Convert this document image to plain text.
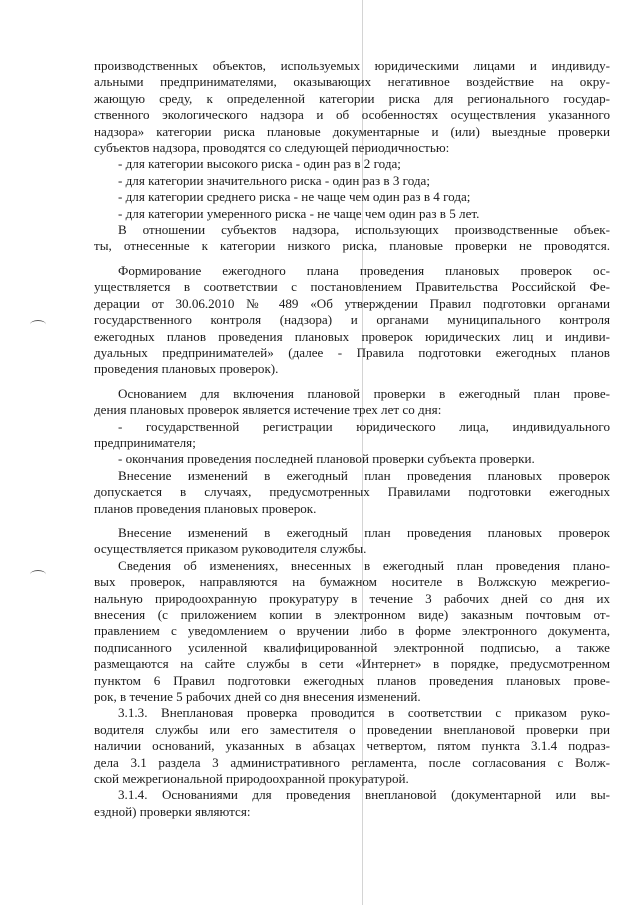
производственных объектов, используемых юридическими лицами и индивиду-
альными предпринимателями, оказывающих негативное воздействие на окру-
жающую среду, к определенной категории риска для регионального государ-
ственного экологического надзора и об особенностях осуществления указанного
надзора» категории риска плановые документарные и (или) выездные проверки
субъектов надзора, проводятся со следующей периодичностью:
- для категории высокого риска - один раз в 2 года;
- для категории значительного риска - один раз в 3 года;
- для категории среднего риска - не чаще чем один раз в 4 года;
- для категории умеренного риска - не чаще чем один раз в 5 лет.
В отношении субъектов надзора, использующих производственные объек-
ты, отнесенные к категории низкого риска, плановые проверки не проводятся.
Формирование ежегодного плана проведения плановых проверок ос-
уществляется в соответствии с постановлением Правительства Российской Фе-
дерации от 30.06.2010 № 489 «Об утверждении Правил подготовки органами
государственного контроля (надзора) и органами муниципального контроля
ежегодных планов проведения плановых проверок юридических лиц и индиви-
дуальных предпринимателей» (далее - Правила подготовки ежегодных планов
проведения плановых проверок).
Основанием для включения плановой проверки в ежегодный план прове-
дения плановых проверок является истечение трех лет со дня:
- государственной регистрации юридического лица, индивидуального
предпринимателя;
- окончания проведения последней плановой проверки субъекта проверки.
Внесение изменений в ежегодный план проведения плановых проверок
допускается в случаях, предусмотренных Правилами подготовки ежегодных
планов проведения плановых проверок.
Внесение изменений в ежегодный план проведения плановых проверок
осуществляется приказом руководителя службы.
Сведения об изменениях, внесенных в ежегодный план проведения плано-
вых проверок, направляются на бумажном носителе в Волжскую межрегио-
нальную природоохранную прокуратуру в течение 3 рабочих дней со дня их
внесения (с приложением копии в электронном виде) заказным почтовым от-
правлением с уведомлением о вручении либо в форме электронного документа,
подписанного усиленной квалифицированной электронной подписью, а также
размещаются на сайте службы в сети «Интернет» в порядке, предусмотренном
пунктом 6 Правил подготовки ежегодных планов проведения плановых прове-
рок, в течение 5 рабочих дней со дня внесения изменений.
3.1.3. Внеплановая проверка проводится в соответствии с приказом руко-
водителя службы или его заместителя о проведении внеплановой проверки при
наличии оснований, указанных в абзацах четвертом, пятом пункта 3.1.4 подраз-
дела 3.1 раздела 3 административного регламента, после согласования с Волж-
ской межрегиональной природоохранной прокуратурой.
3.1.4. Основаниями для проведения внеплановой (документарной или вы-
ездной) проверки являются:
